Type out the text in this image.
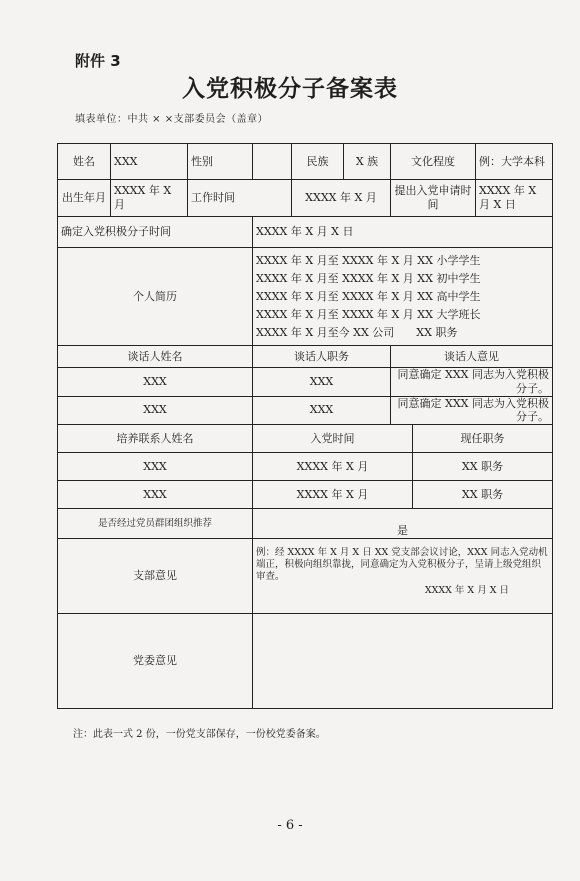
附件 3
入党积极分子备案表
填表单位：中共 × ×支部委员会（盖章）
姓名	XXX	性别		民族	X 族	文化程度		例：大学本科
出生年月	XXXX 年 X 月	工作时间		XXXX 年 X 月		提出入党申请时间		XXXX 年 X 月 X 日
确定入党积极分子时间			XXXX 年 X 月 X 日					
个人简历			XXXX 年 X 月至 XXXX 年 X 月 XX 小学学生
XXXX 年 X 月至 XXXX 年 X 月 XX 初中学生
XXXX 年 X 月至 XXXX 年 X 月 XX 高中学生
XXXX 年 X 月至 XXXX 年 X 月 XX 大学班长
XXXX 年 X 月至今 XX 公司　　XX 职务					

谈话人姓名			谈话人职务			谈话人意见		
XXX			XXX			同意确定 XXX 同志为入党积极分子。		
XXX			XXX			同意确定 XXX 同志为入党积极分子。		
培养联系人姓名			入党时间				现任职务	
XXX			XXXX 年 X 月				XX 职务	
XXX			XXXX 年 X 月				XX 职务	
是否经过党员群团组织推荐			是					
支部意见			例：经 XXXX 年 X 月 X 日 XX 党支部会议讨论，XXX 同志入党动机端正，积极向组织靠拢，同意确定为入党积极分子，呈请上级党组织审查。
XXXX 年 X 月 X 日					

党委意见								
注：此表一式 2 份，一份党支部保存，一份校党委备案。
- 6 -
